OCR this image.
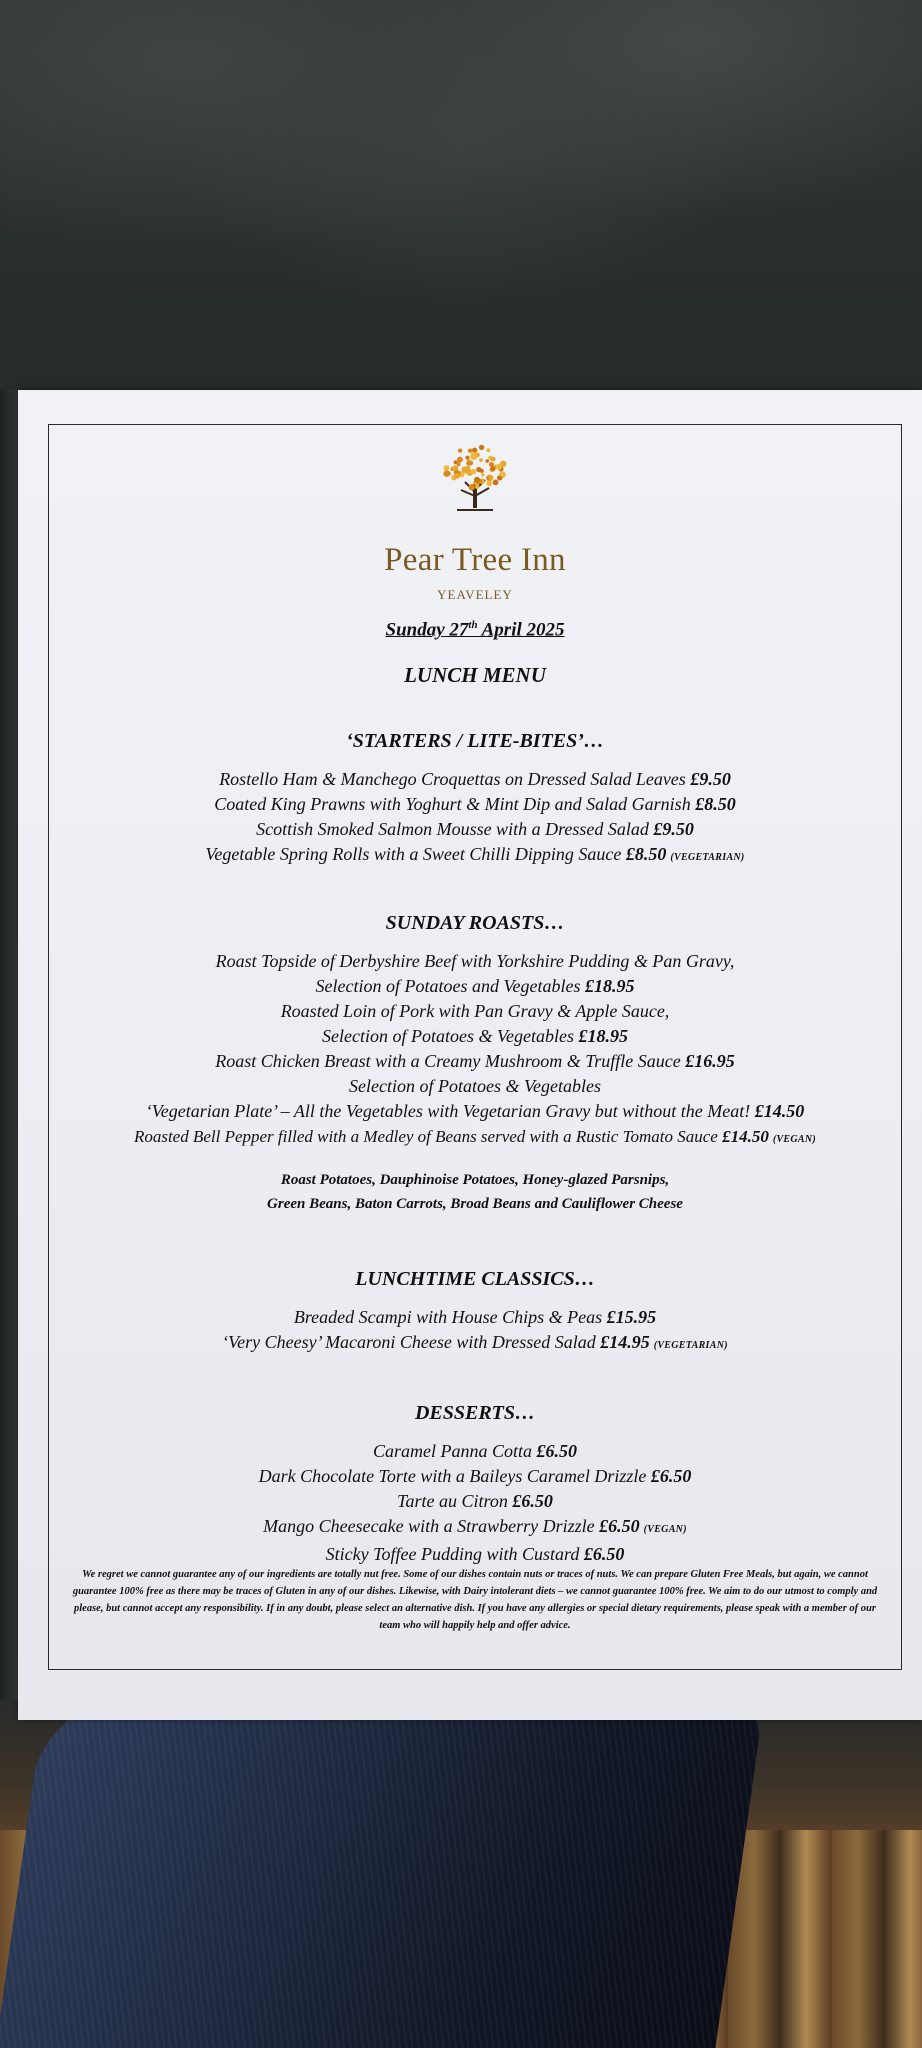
Pear Tree Inn
YEAVELEY
Sunday 27th April 2025
LUNCH MENU
‘STARTERS / LITE-BITES’…
Rostello Ham & Manchego Croquettas on Dressed Salad Leaves £9.50
Coated King Prawns with Yoghurt & Mint Dip and Salad Garnish £8.50
Scottish Smoked Salmon Mousse with a Dressed Salad £9.50
Vegetable Spring Rolls with a Sweet Chilli Dipping Sauce £8.50 (VEGETARIAN)
SUNDAY ROASTS…
Roast Topside of Derbyshire Beef with Yorkshire Pudding & Pan Gravy,
Selection of Potatoes and Vegetables £18.95
Roasted Loin of Pork with Pan Gravy & Apple Sauce,
Selection of Potatoes & Vegetables £18.95
Roast Chicken Breast with a Creamy Mushroom & Truffle Sauce £16.95
Selection of Potatoes & Vegetables
‘Vegetarian Plate’ – All the Vegetables with Vegetarian Gravy but without the Meat! £14.50
Roasted Bell Pepper filled with a Medley of Beans served with a Rustic Tomato Sauce £14.50 (VEGAN)
Roast Potatoes, Dauphinoise Potatoes, Honey-glazed Parsnips,
Green Beans, Baton Carrots, Broad Beans and Cauliflower Cheese
LUNCHTIME CLASSICS…
Breaded Scampi with House Chips & Peas £15.95
‘Very Cheesy’ Macaroni Cheese with Dressed Salad £14.95 (VEGETARIAN)
DESSERTS…
Caramel Panna Cotta £6.50
Dark Chocolate Torte with a Baileys Caramel Drizzle £6.50
Tarte au Citron £6.50
Mango Cheesecake with a Strawberry Drizzle £6.50 (VEGAN)
Sticky Toffee Pudding with Custard £6.50
We regret we cannot guarantee any of our ingredients are totally nut free. Some of our dishes contain nuts or traces of nuts. We can prepare Gluten Free Meals, but again, we cannot guarantee 100% free as there may be traces of Gluten in any of our dishes. Likewise, with Dairy intolerant diets – we cannot guarantee 100% free. We aim to do our utmost to comply and please, but cannot accept any responsibility. If in any doubt, please select an alternative dish. If you have any allergies or special dietary requirements, please speak with a member of our team who will happily help and offer advice.
